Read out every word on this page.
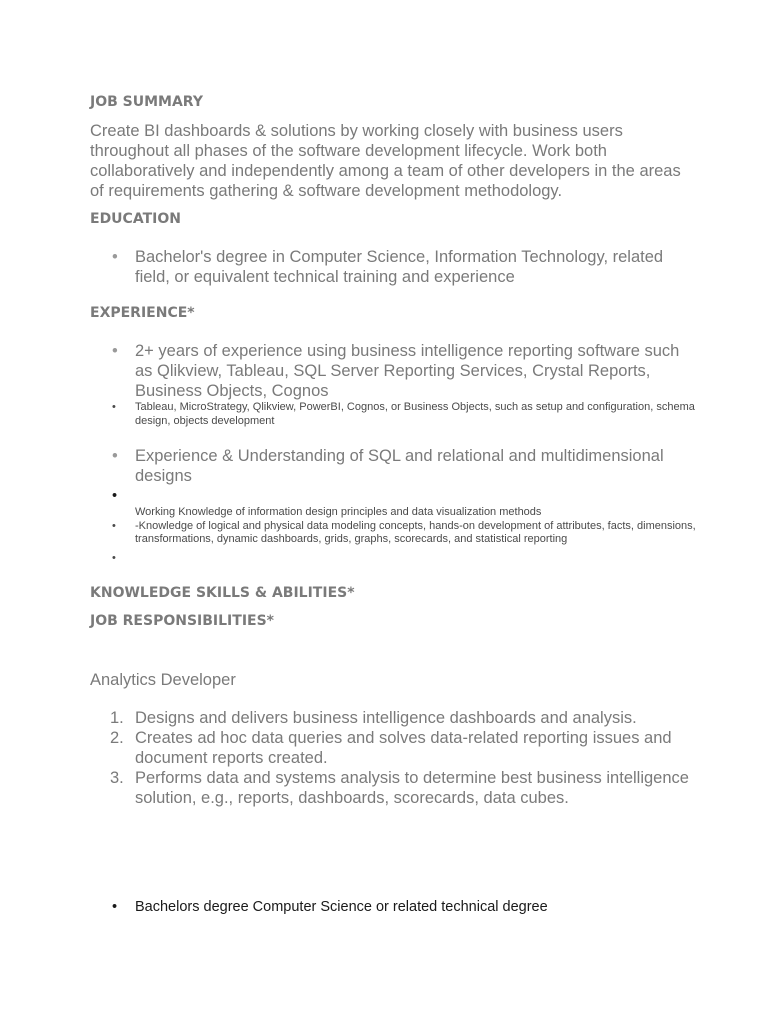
JOB SUMMARY

Create BI dashboards & solutions by working closely with business users throughout all phases of the software development lifecycle. Work both collaboratively and independently among a team of other developers in the areas of requirements gathering & software development methodology.

EDUCATION
• Bachelor's degree in Computer Science, Information Technology, related field, or equivalent technical training and experience
EXPERIENCE*
• 2+ years of experience using business intelligence reporting software such as Qlikview, Tableau, SQL Server Reporting Services, Crystal Reports, Business Objects, Cognos
• Tableau, MicroStrategy, Qlikview, PowerBI, Cognos, or Business Objects, such as setup and configuration, schema design, objects development
• Experience & Understanding of SQL and relational and multidimensional designs
•
Working Knowledge of information design principles and data visualization methods
• -Knowledge of logical and physical data modeling concepts, hands-on development of attributes, facts, dimensions, transformations, dynamic dashboards, grids, graphs, scorecards, and statistical reporting
•
KNOWLEDGE SKILLS & ABILITIES*
JOB RESPONSIBILITIES*

Analytics Developer

1. Designs and delivers business intelligence dashboards and analysis.
2. Creates ad hoc data queries and solves data-related reporting issues and document reports created.
3. Performs data and systems analysis to determine best business intelligence solution, e.g., reports, dashboards, scorecards, data cubes.
• Bachelors degree Computer Science or related technical degree
